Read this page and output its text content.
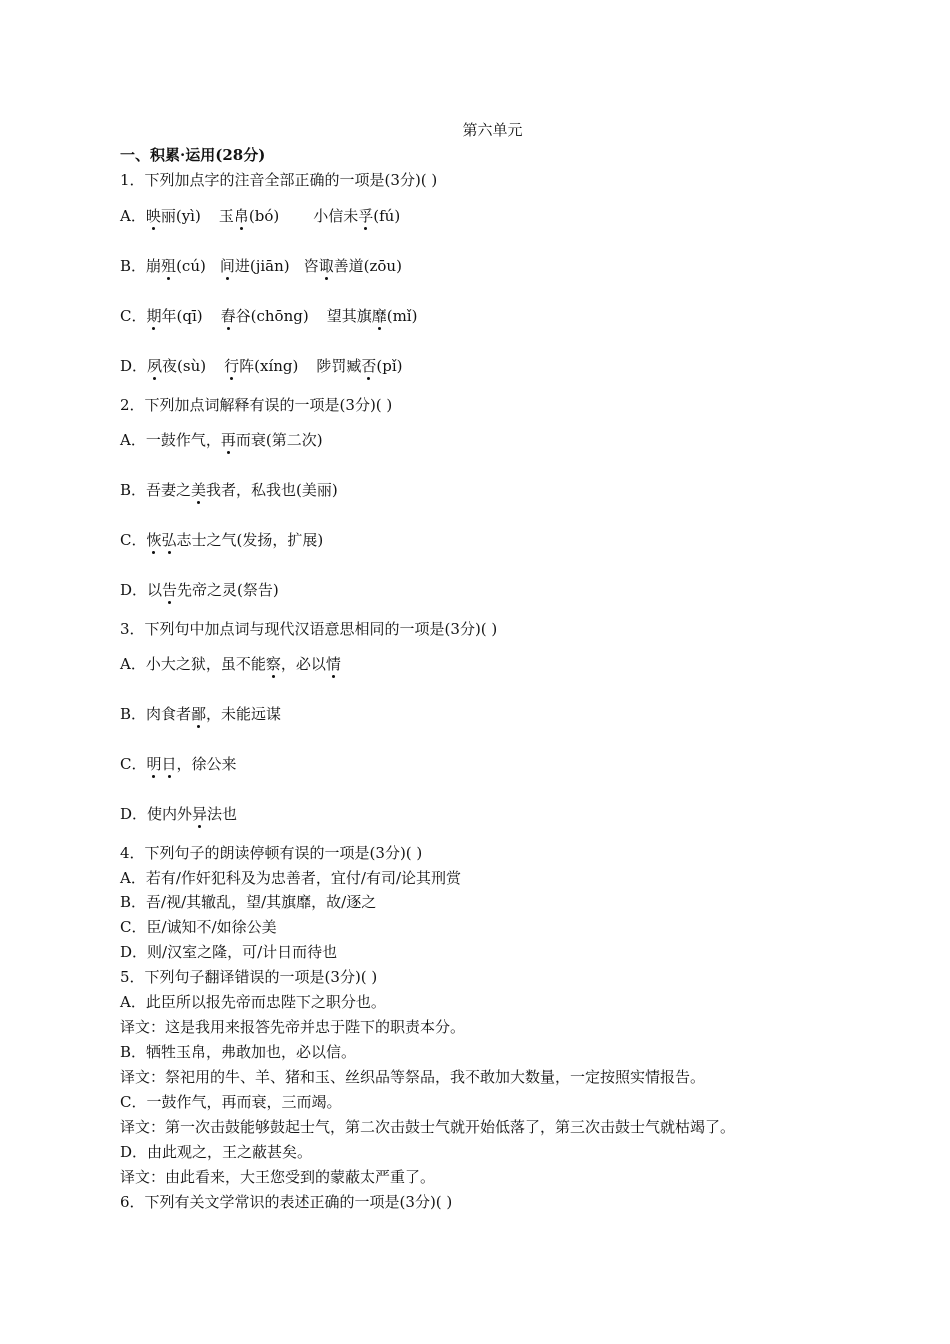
第六单元
一、积累·运用(28分)
1．下列加点字的注音全部正确的一项是(3分)( )
A．映丽(yì) 玉帛(bó) 小信未孚(fú)
B．崩殂(cú) 间进(jiān) 咨诹善道(zōu)
C．期年(qī) 舂谷(chōng) 望其旗靡(mǐ)
D．夙夜(sù) 行阵(xíng) 陟罚臧否(pǐ)
2．下列加点词解释有误的一项是(3分)( )
A．一鼓作气，再而衰(第二次)
B．吾妻之美我者，私我也(美丽)
C．恢弘志士之气(发扬，扩展)
D．以告先帝之灵(祭告)
3．下列句中加点词与现代汉语意思相同的一项是(3分)( )
A．小大之狱，虽不能察，必以情
B．肉食者鄙，未能远谋
C．明日，徐公来
D．使内外异法也
4．下列句子的朗读停顿有误的一项是(3分)( )
A．若有/作奸犯科及为忠善者，宜付/有司/论其刑赏
B．吾/视/其辙乱，望/其旗靡，故/逐之
C．臣/诚知不/如徐公美
D．则/汉室之隆，可/计日而待也
5．下列句子翻译错误的一项是(3分)( )
A．此臣所以报先帝而忠陛下之职分也。
译文：这是我用来报答先帝并忠于陛下的职责本分。
B．牺牲玉帛，弗敢加也，必以信。
译文：祭祀用的牛、羊、猪和玉、丝织品等祭品，我不敢加大数量，一定按照实情报告。
C．一鼓作气，再而衰，三而竭。
译文：第一次击鼓能够鼓起士气，第二次击鼓士气就开始低落了，第三次击鼓士气就枯竭了。
D．由此观之，王之蔽甚矣。
译文：由此看来，大王您受到的蒙蔽太严重了。
6．下列有关文学常识的表述正确的一项是(3分)( )
